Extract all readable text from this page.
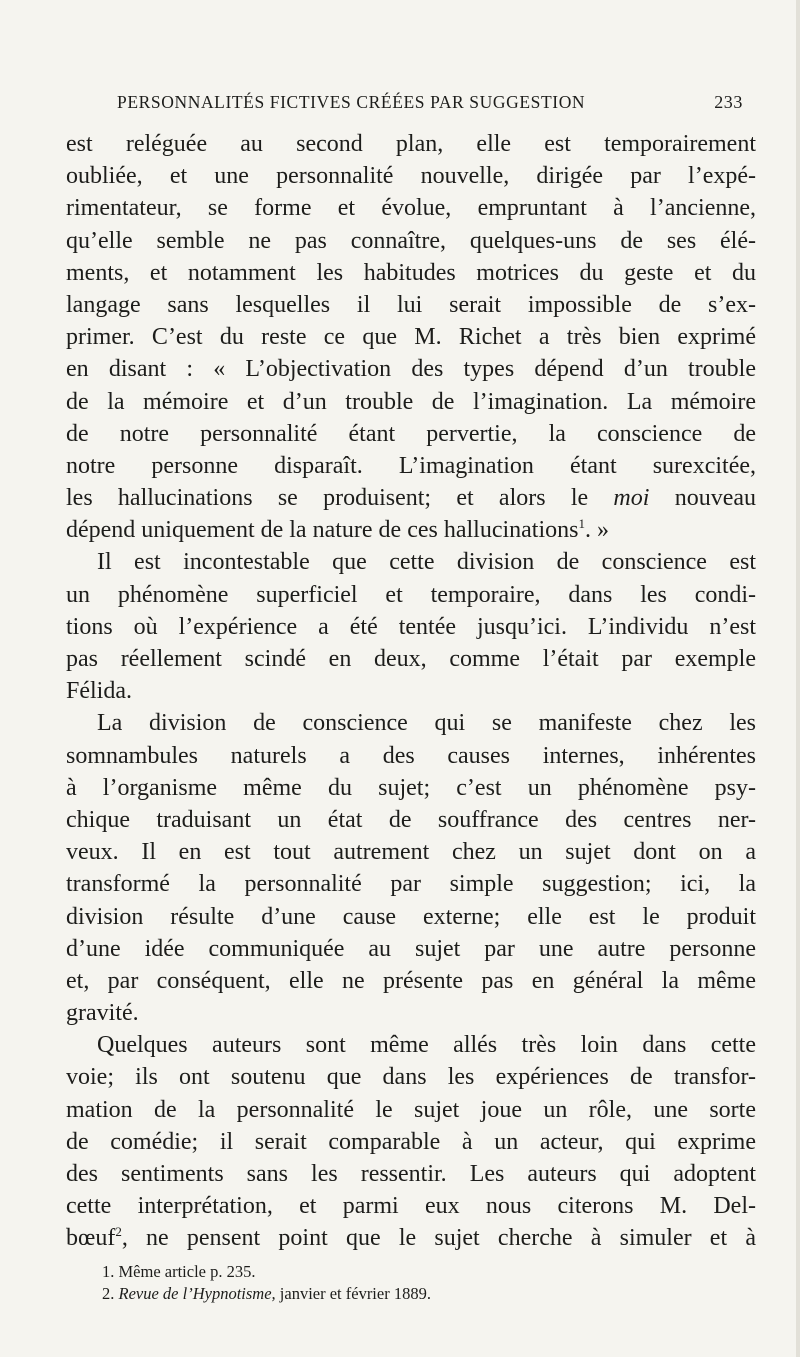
PERSONNALITÉS FICTIVES CRÉÉES PAR SUGGESTION	233
est reléguée au second plan, elle est temporairement
oubliée, et une personnalité nouvelle, dirigée par l’expé-
rimentateur, se forme et évolue, empruntant à l’ancienne,
qu’elle semble ne pas connaître, quelques-uns de ses élé-
ments, et notamment les habitudes motrices du geste et du
langage sans lesquelles il lui serait impossible de s’ex-
primer. C’est du reste ce que M. Richet a très bien exprimé
en disant : « L’objectivation des types dépend d’un trouble
de la mémoire et d’un trouble de l’imagination. La mémoire
de notre personnalité étant pervertie, la conscience de
notre personne disparaît. L’imagination étant surexcitée,
les hallucinations se produisent; et alors le moi nouveau
dépend uniquement de la nature de ces hallucinations$^1$. »
Il est incontestable que cette division de conscience est
un phénomène superficiel et temporaire, dans les condi-
tions où l’expérience a été tentée jusqu’ici. L’individu n’est
pas réellement scindé en deux, comme l’était par exemple
Félida.
La division de conscience qui se manifeste chez les
somnambules naturels a des causes internes, inhérentes
à l’organisme même du sujet; c’est un phénomène psy-
chique traduisant un état de souffrance des centres ner-
veux. Il en est tout autrement chez un sujet dont on a
transformé la personnalité par simple suggestion; ici, la
division résulte d’une cause externe; elle est le produit
d’une idée communiquée au sujet par une autre personne
et, par conséquent, elle ne présente pas en général la même
gravité.
Quelques auteurs sont même allés très loin dans cette
voie; ils ont soutenu que dans les expériences de transfor-
mation de la personnalité le sujet joue un rôle, une sorte
de comédie; il serait comparable à un acteur, qui exprime
des sentiments sans les ressentir. Les auteurs qui adoptent
cette interprétation, et parmi eux nous citerons M. Del-
bœuf$^2$, ne pensent point que le sujet cherche à simuler et à
1. Même article p. 235.
2. Revue de l’Hypnotisme, janvier et février 1889.
